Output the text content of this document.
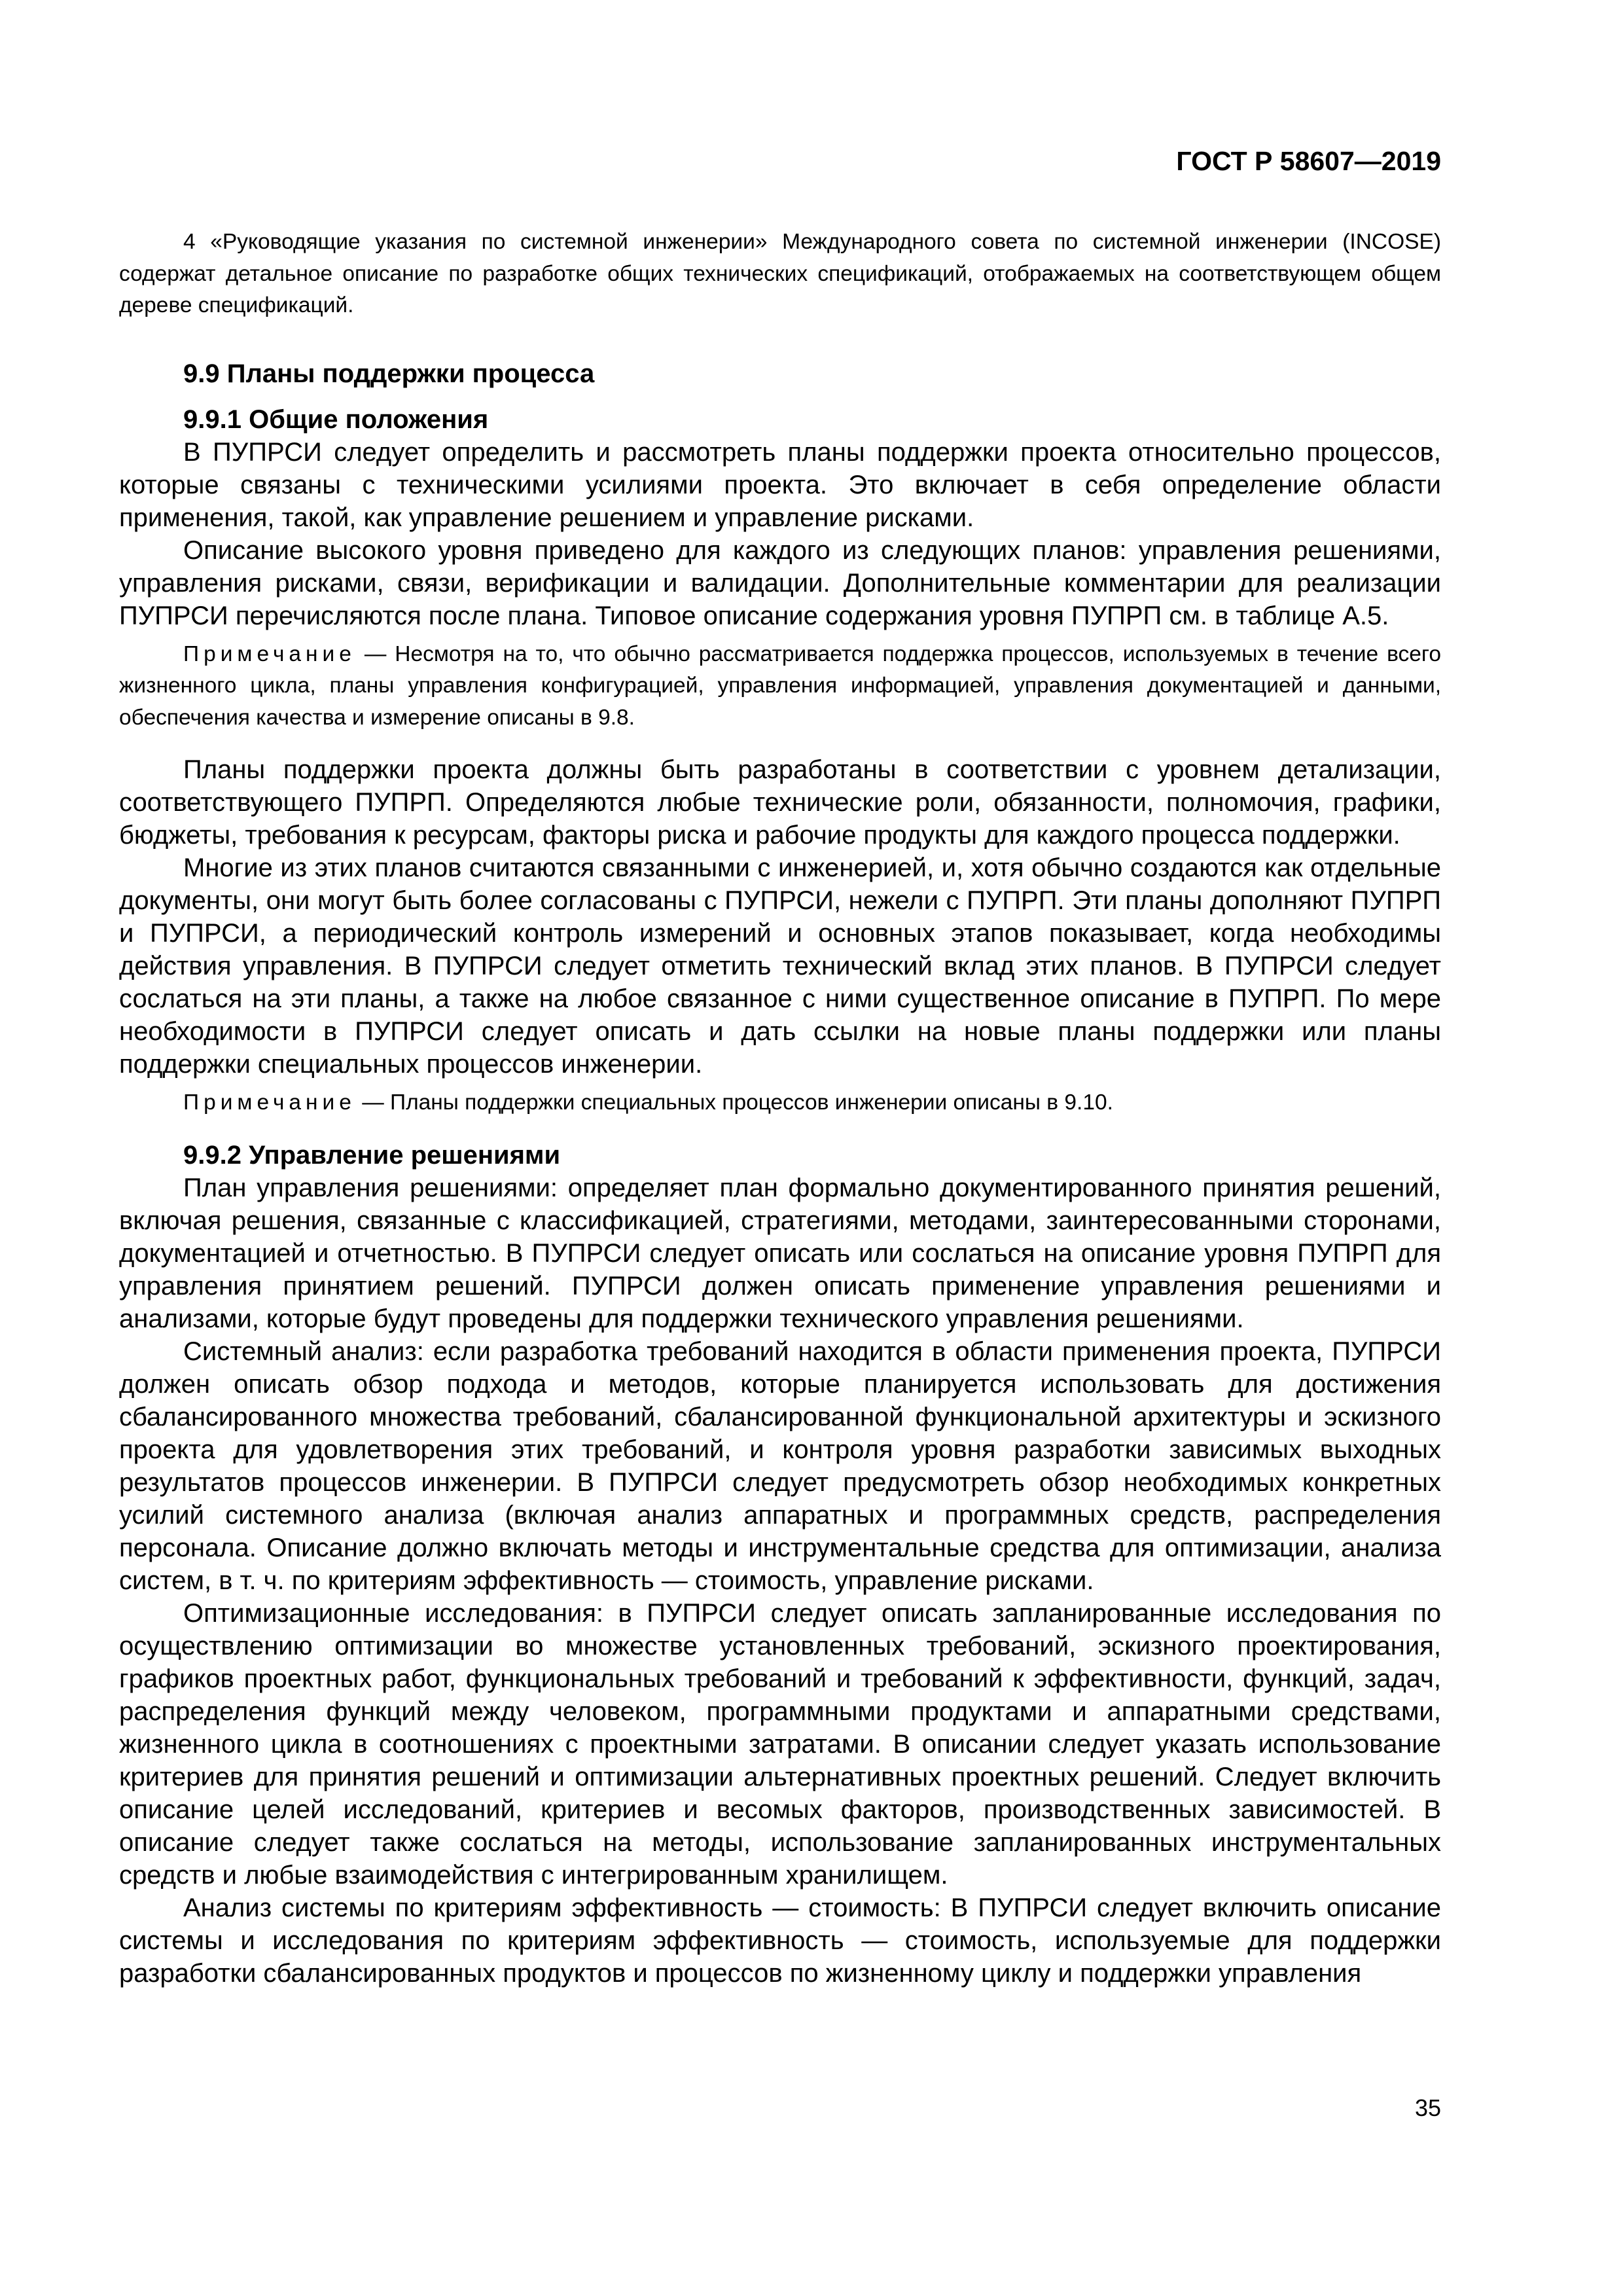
ГОСТ Р 58607—2019

4 «Руководящие указания по системной инженерии» Международного совета по системной инженерии (INCOSE) содержат детальное описание по разработке общих технических спецификаций, отображаемых на соответствующем общем дереве спецификаций.

9.9 Планы поддержки процесса
9.9.1 Общие положения

В ПУПРСИ следует определить и рассмотреть планы поддержки проекта относительно процессов, которые связаны с техническими усилиями проекта. Это включает в себя определение области применения, такой, как управление решением и управление рисками.

Описание высокого уровня приведено для каждого из следующих планов: управления решениями, управления рисками, связи, верификации и валидации. Дополнительные комментарии для реализации ПУПРСИ перечисляются после плана. Типовое описание содержания уровня ПУПРП см. в таблице А.5.

Примечание — Несмотря на то, что обычно рассматривается поддержка процессов, используемых в течение всего жизненного цикла, планы управления конфигурацией, управления информацией, управления документацией и данными, обеспечения качества и измерение описаны в 9.8.

Планы поддержки проекта должны быть разработаны в соответствии с уровнем детализации, соответствующего ПУПРП. Определяются любые технические роли, обязанности, полномочия, графики, бюджеты, требования к ресурсам, факторы риска и рабочие продукты для каждого процесса поддержки.

Многие из этих планов считаются связанными с инженерией, и, хотя обычно создаются как отдельные документы, они могут быть более согласованы с ПУПРСИ, нежели с ПУПРП. Эти планы дополняют ПУПРП и ПУПРСИ, а периодический контроль измерений и основных этапов показывает, когда необходимы действия управления. В ПУПРСИ следует отметить технический вклад этих планов. В ПУПРСИ следует сослаться на эти планы, а также на любое связанное с ними существенное описание в ПУПРП. По мере необходимости в ПУПРСИ следует описать и дать ссылки на новые планы поддержки или планы поддержки специальных процессов инженерии.

Примечание — Планы поддержки специальных процессов инженерии описаны в 9.10.

9.9.2 Управление решениями

План управления решениями: определяет план формально документированного принятия решений, включая решения, связанные с классификацией, стратегиями, методами, заинтересованными сторонами, документацией и отчетностью. В ПУПРСИ следует описать или сослаться на описание уровня ПУПРП для управления принятием решений. ПУПРСИ должен описать применение управления решениями и анализами, которые будут проведены для поддержки технического управления решениями.

Системный анализ: если разработка требований находится в области применения проекта, ПУПРСИ должен описать обзор подхода и методов, которые планируется использовать для достижения сбалансированного множества требований, сбалансированной функциональной архитектуры и эскизного проекта для удовлетворения этих требований, и контроля уровня разработки зависимых выходных результатов процессов инженерии. В ПУПРСИ следует предусмотреть обзор необходимых конкретных усилий системного анализа (включая анализ аппаратных и программных средств, распределения персонала. Описание должно включать методы и инструментальные средства для оптимизации, анализа систем, в т. ч. по критериям эффективность — стоимость, управление рисками.

Оптимизационные исследования: в ПУПРСИ следует описать запланированные исследования по осуществлению оптимизации во множестве установленных требований, эскизного проектирования, графиков проектных работ, функциональных требований и требований к эффективности, функций, задач, распределения функций между человеком, программными продуктами и аппаратными средствами, жизненного цикла в соотношениях с проектными затратами. В описании следует указать использование критериев для принятия решений и оптимизации альтернативных проектных решений. Следует включить описание целей исследований, критериев и весомых факторов, производственных зависимостей. В описание следует также сослаться на методы, использование запланированных инструментальных средств и любые взаимодействия с интегрированным хранилищем.

Анализ системы по критериям эффективность — стоимость: В ПУПРСИ следует включить описание системы и исследования по критериям эффективность — стоимость, используемые для поддержки разработки сбалансированных продуктов и процессов по жизненному циклу и поддержки управления

35
